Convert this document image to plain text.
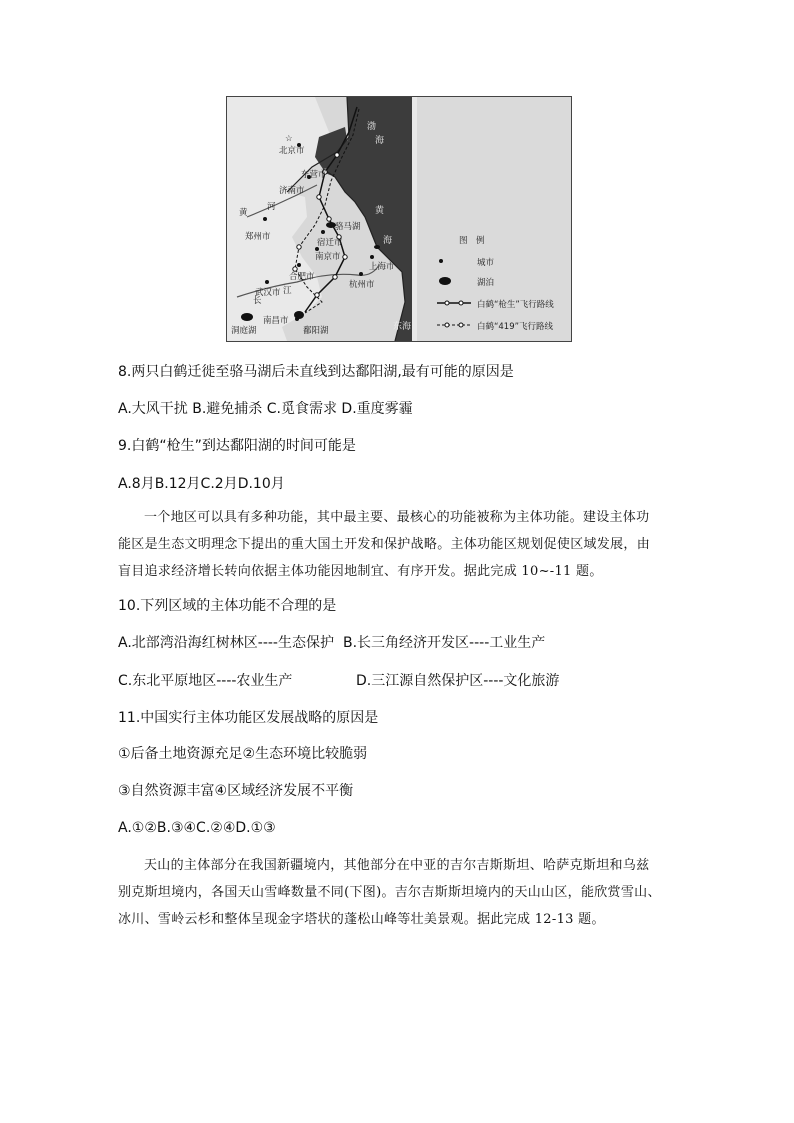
☆
北京市
东营市
济南市
郑州市
宿迁市
南京市
合肥市
上海市
武汉市
杭州市
南昌市
骆马湖
鄱阳湖
洞庭湖
渤
海
黄
海
东海
黄
河
长
江
图　例
城市
湖泊
白鹤“枪生”飞行路线
白鹤“419”飞行路线
8.两只白鹤迁徙至骆马湖后未直线到达鄱阳湖,最有可能的原因是
A.大风干扰 B.避免捕杀 C.觅食需求 D.重度雾霾
9.白鹤“枪生”到达鄱阳湖的时间可能是
A.8月B.12月C.2月D.10月
一个地区可以具有多种功能，其中最主要、最核心的功能被称为主体功能。建设主体功
能区是生态文明理念下提出的重大国土开发和保护战略。主体功能区规划促使区域发展，由
盲目追求经济增长转向依据主体功能因地制宜、有序开发。据此完成 10~-11 题。
10.下列区域的主体功能不合理的是
A.北部湾沿海红树林区----生态保护 B.长三角经济开发区----工业生产
C.东北平原地区----农业生产	D.三江源自然保护区----文化旅游
11.中国实行主体功能区发展战略的原因是
①后备土地资源充足②生态环境比较脆弱
③自然资源丰富④区域经济发展不平衡
A.①②B.③④C.②④D.①③
天山的主体部分在我国新疆境内，其他部分在中亚的吉尔吉斯斯坦、哈萨克斯坦和乌兹
别克斯坦境内，各国天山雪峰数量不同(下图)。吉尔吉斯斯坦境内的天山山区，能欣赏雪山、
冰川、雪岭云杉和整体呈现金字塔状的蓬松山峰等壮美景观。据此完成 12-13 题。
